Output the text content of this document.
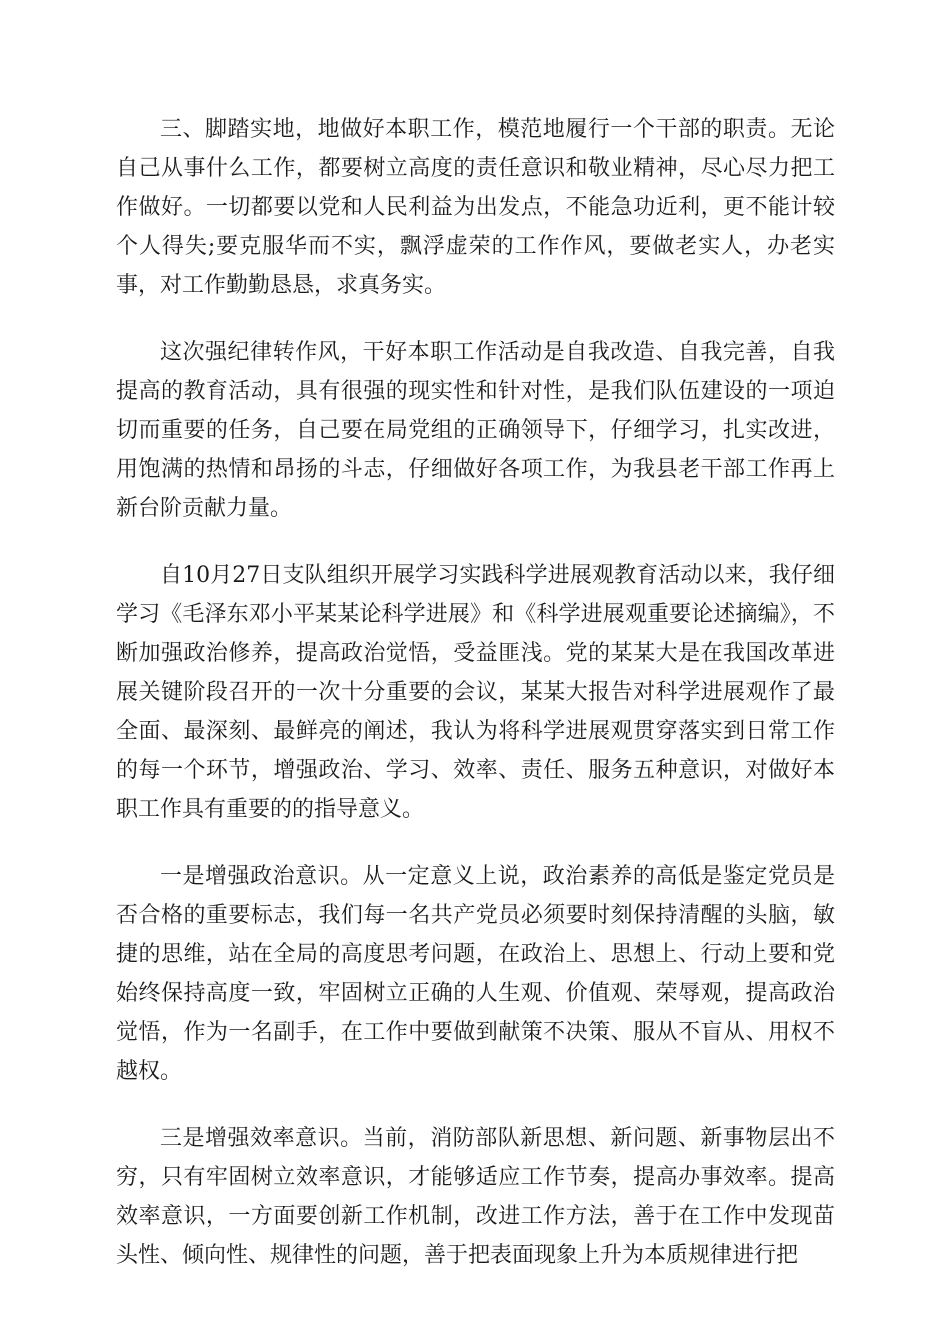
三、脚踏实地，地做好本职工作，模范地履行一个干部的职责。无论自己从事什么工作，都要树立高度的责任意识和敬业精神，尽心尽力把工作做好。一切都要以党和人民利益为出发点，不能急功近利，更不能计较个人得失;要克服华而不实，飘浮虚荣的工作作风，要做老实人，办老实事，对工作勤勤恳恳，求真务实。

这次强纪律转作风，干好本职工作活动是自我改造、自我完善，自我提高的教育活动，具有很强的现实性和针对性，是我们队伍建设的一项迫切而重要的任务，自己要在局党组的正确领导下，仔细学习，扎实改进，用饱满的热情和昂扬的斗志，仔细做好各项工作，为我县老干部工作再上新台阶贡献力量。

自10月27日支队组织开展学习实践科学进展观教育活动以来，我仔细学习《毛泽东邓小平某某论科学进展》和《科学进展观重要论述摘编》，不断加强政治修养，提高政治觉悟，受益匪浅。党的某某大是在我国改革进展关键阶段召开的一次十分重要的会议，某某大报告对科学进展观作了最全面、最深刻、最鲜亮的阐述，我认为将科学进展观贯穿落实到日常工作的每一个环节，增强政治、学习、效率、责任、服务五种意识，对做好本职工作具有重要的的指导意义。

一是增强政治意识。从一定意义上说，政治素养的高低是鉴定党员是否合格的重要标志，我们每一名共产党员必须要时刻保持清醒的头脑，敏捷的思维，站在全局的高度思考问题，在政治上、思想上、行动上要和党始终保持高度一致，牢固树立正确的人生观、价值观、荣辱观，提高政治觉悟，作为一名副手，在工作中要做到献策不决策、服从不盲从、用权不越权。

三是增强效率意识。当前，消防部队新思想、新问题、新事物层出不穷，只有牢固树立效率意识，才能够适应工作节奏，提高办事效率。提高效率意识，一方面要创新工作机制，改进工作方法，善于在工作中发现苗头性、倾向性、规律性的问题，善于把表面现象上升为本质规律进行把
